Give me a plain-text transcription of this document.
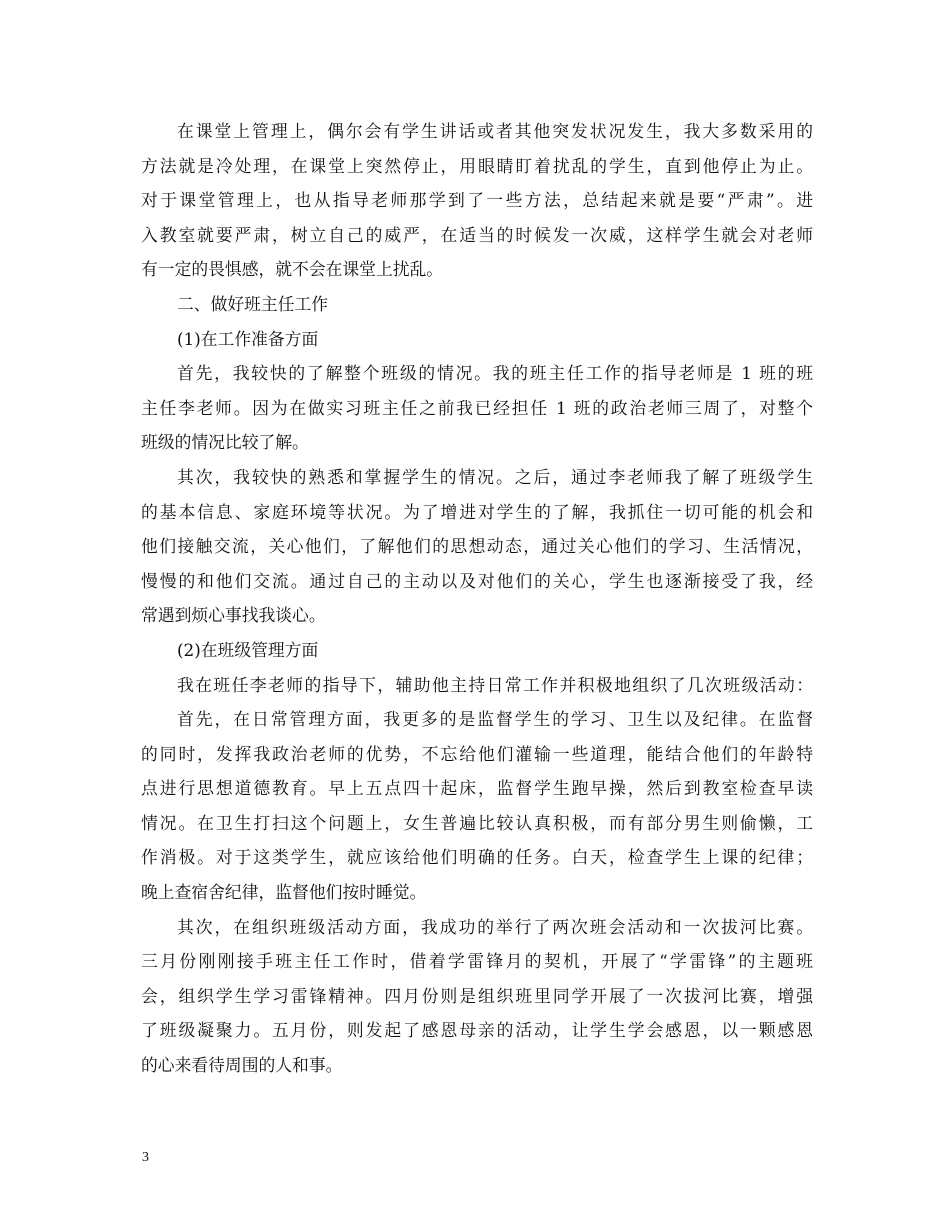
在课堂上管理上，偶尔会有学生讲话或者其他突发状况发生，我大多数采用的
方法就是冷处理，在课堂上突然停止，用眼睛盯着扰乱的学生，直到他停止为止。
对于课堂管理上，也从指导老师那学到了一些方法，总结起来就是要“严肃”。进
入教室就要严肃，树立自己的威严，在适当的时候发一次威，这样学生就会对老师
有一定的畏惧感，就不会在课堂上扰乱。
二、做好班主任工作
(1)在工作准备方面
首先，我较快的了解整个班级的情况。我的班主任工作的指导老师是 1 班的班
主任李老师。因为在做实习班主任之前我已经担任 1 班的政治老师三周了，对整个
班级的情况比较了解。
其次，我较快的熟悉和掌握学生的情况。之后，通过李老师我了解了班级学生
的基本信息、家庭环境等状况。为了增进对学生的了解，我抓住一切可能的机会和
他们接触交流，关心他们，了解他们的思想动态，通过关心他们的学习、生活情况，
慢慢的和他们交流。通过自己的主动以及对他们的关心，学生也逐渐接受了我，经
常遇到烦心事找我谈心。
(2)在班级管理方面
我在班任李老师的指导下，辅助他主持日常工作并积极地组织了几次班级活动：
首先，在日常管理方面，我更多的是监督学生的学习、卫生以及纪律。在监督
的同时，发挥我政治老师的优势，不忘给他们灌输一些道理，能结合他们的年龄特
点进行思想道德教育。早上五点四十起床，监督学生跑早操，然后到教室检查早读
情况。在卫生打扫这个问题上，女生普遍比较认真积极，而有部分男生则偷懒，工
作消极。对于这类学生，就应该给他们明确的任务。白天，检查学生上课的纪律；
晚上查宿舍纪律，监督他们按时睡觉。
其次，在组织班级活动方面，我成功的举行了两次班会活动和一次拔河比赛。
三月份刚刚接手班主任工作时，借着学雷锋月的契机，开展了“学雷锋”的主题班
会，组织学生学习雷锋精神。四月份则是组织班里同学开展了一次拔河比赛，增强
了班级凝聚力。五月份，则发起了感恩母亲的活动，让学生学会感恩，以一颗感恩
的心来看待周围的人和事。
3
